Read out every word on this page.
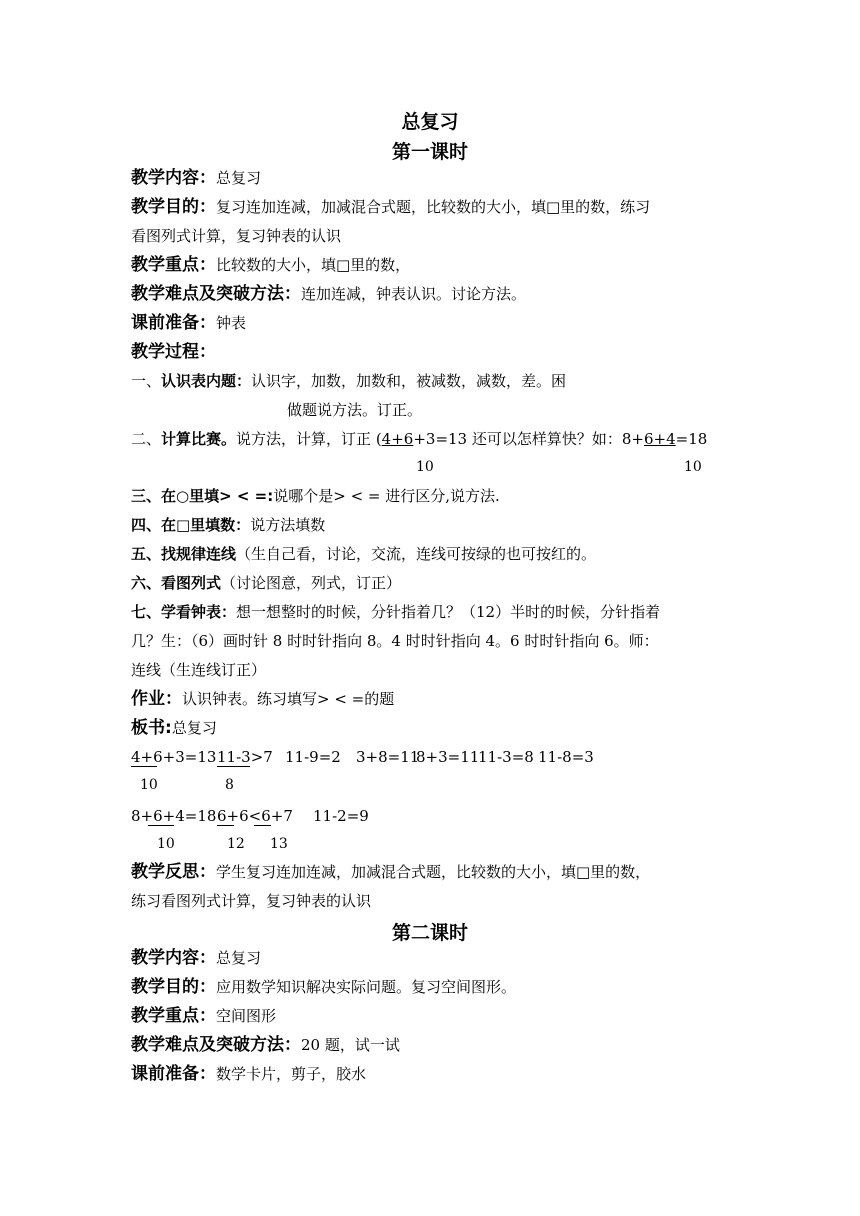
总复习
第一课时
教学内容：总复习
教学目的：复习连加连减，加减混合式题，比较数的大小，填□里的数，练习
看图列式计算，复习钟表的认识
教学重点：比较数的大小，填□里的数，
教学难点及突破方法：连加连减，钟表认识。讨论方法。
课前准备：钟表
教学过程：
一、认识表内题：认识字，加数，加数和，被减数，减数，差。困
做题说方法。订正。
二、计算比赛。说方法，计算，订正 (4+6+3=13 还可以怎样算快？如：8+6+4=18
10	10
三、在○里填> < =:说哪个是> < = 进行区分,说方法.
四、在□里填数：说方法填数
五、找规律连线（生自己看，讨论，交流，连线可按绿的也可按红的。
六、看图列式（讨论图意，列式，订正）
七、学看钟表：想一想整时的时候，分针指着几？（12）半时的时候，分针指着
几？生：（6）画时针 8 时时针指向 8。4 时时针指向 4。6 时时针指向 6。师：
连线（生连线订正）
作业：认识钟表。练习填写> < =的题
板书:总复习
4+6+3=13 11-3>7 11-9=2 3+8=11
8+3=11
11-3=8 11-8=3
10	8
8+6+4=18 6+6<6+7 11-2=9
10	12 13
教学反思：学生复习连加连减，加减混合式题，比较数的大小，填□里的数，
练习看图列式计算，复习钟表的认识
第二课时
教学内容：总复习
教学目的：应用数学知识解决实际问题。复习空间图形。
教学重点：空间图形
教学难点及突破方法：20 题，试一试
课前准备：数学卡片，剪子，胶水
